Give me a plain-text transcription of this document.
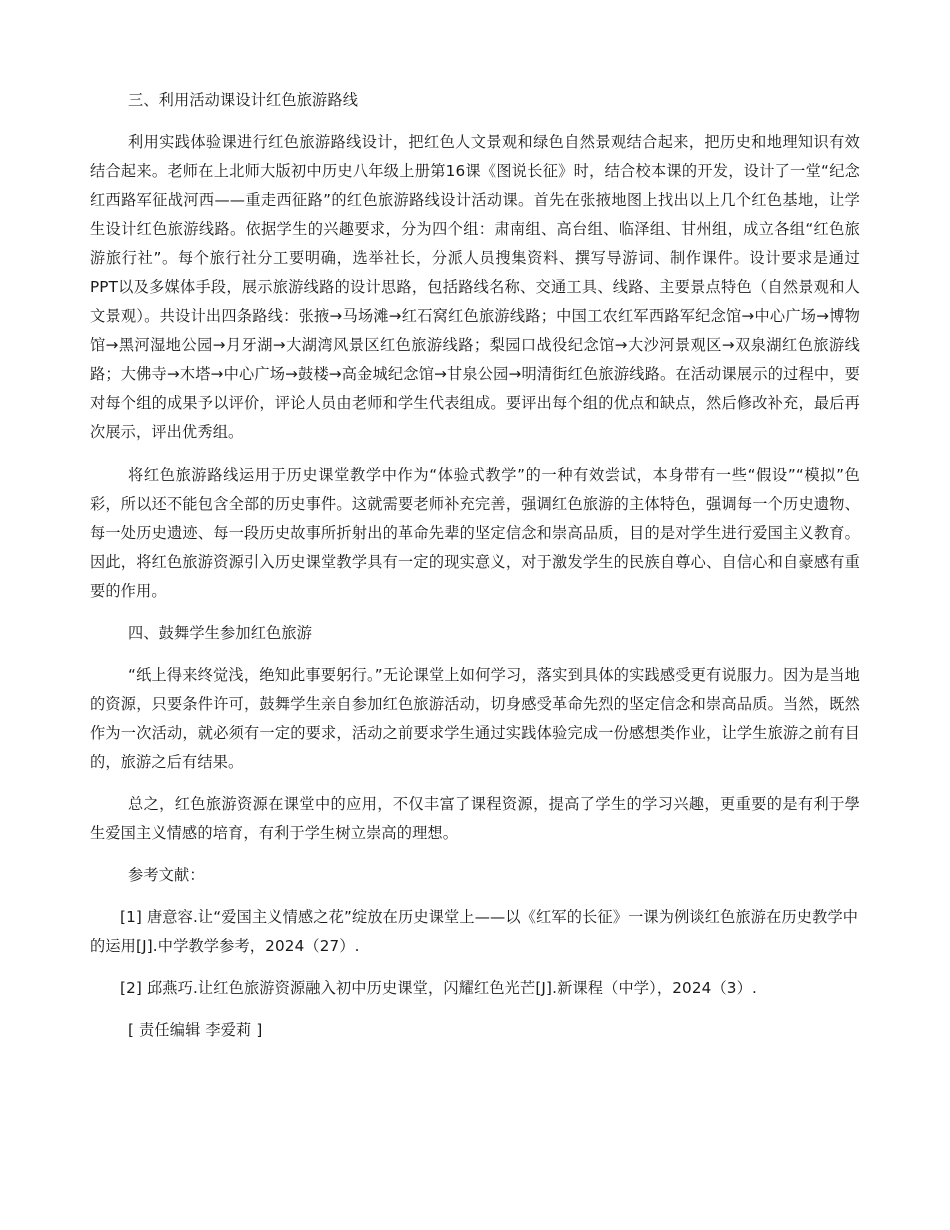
三、利用活动课设计红色旅游路线

利用实践体验课进行红色旅游路线设计，把红色人文景观和绿色自然景观结合起来，把历史和地理知识有效结合起来。老师在上北师大版初中历史八年级上册第16课《图说长征》时，结合校本课的开发，设计了一堂“纪念红西路军征战河西——重走西征路”的红色旅游路线设计活动课。首先在张掖地图上找出以上几个红色基地，让学生设计红色旅游线路。依据学生的兴趣要求，分为四个组：肃南组、高台组、临泽组、甘州组，成立各组“红色旅游旅行社”。每个旅行社分工要明确，选举社长，分派人员搜集资料、撰写导游词、制作课件。设计要求是通过PPT以及多媒体手段，展示旅游线路的设计思路，包括路线名称、交通工具、线路、主要景点特色（自然景观和人文景观）。共设计出四条路线：张掖→马场滩→红石窝红色旅游线路；中国工农红军西路军纪念馆→中心广场→博物馆→黑河湿地公园→月牙湖→大湖湾风景区红色旅游线路；梨园口战役纪念馆→大沙河景观区→双泉湖红色旅游线路；大佛寺→木塔→中心广场→鼓楼→高金城纪念馆→甘泉公园→明清街红色旅游线路。在活动课展示的过程中，要对每个组的成果予以评价，评论人员由老师和学生代表组成。要评出每个组的优点和缺点，然后修改补充，最后再次展示，评出优秀组。

将红色旅游路线运用于历史课堂教学中作为“体验式教学”的一种有效尝试，本身带有一些“假设”“模拟”色彩，所以还不能包含全部的历史事件。这就需要老师补充完善，强调红色旅游的主体特色，强调每一个历史遗物、每一处历史遗迹、每一段历史故事所折射出的革命先辈的坚定信念和崇高品质，目的是对学生进行爱国主义教育。因此，将红色旅游资源引入历史课堂教学具有一定的现实意义，对于激发学生的民族自尊心、自信心和自豪感有重要的作用。

四、鼓舞学生参加红色旅游

“纸上得来终觉浅，绝知此事要躬行。”无论课堂上如何学习，落实到具体的实践感受更有说服力。因为是当地的资源，只要条件许可，鼓舞学生亲自参加红色旅游活动，切身感受革命先烈的坚定信念和崇高品质。当然，既然作为一次活动，就必须有一定的要求，活动之前要求学生通过实践体验完成一份感想类作业，让学生旅游之前有目的，旅游之后有结果。

总之，红色旅游资源在课堂中的应用，不仅丰富了课程资源，提高了学生的学习兴趣，更重要的是有利于學生爱国主义情感的培育，有利于学生树立崇高的理想。

参考文献：

[1] 唐意容.让“爱国主义情感之花”绽放在历史课堂上——以《红军的长征》一课为例谈红色旅游在历史教学中的运用[J].中学教学参考，2024（27）.

[2] 邱燕巧.让红色旅游资源融入初中历史课堂，闪耀红色光芒[J].新课程（中学），2024（3）.

[ 责任编辑 李爱莉 ]
